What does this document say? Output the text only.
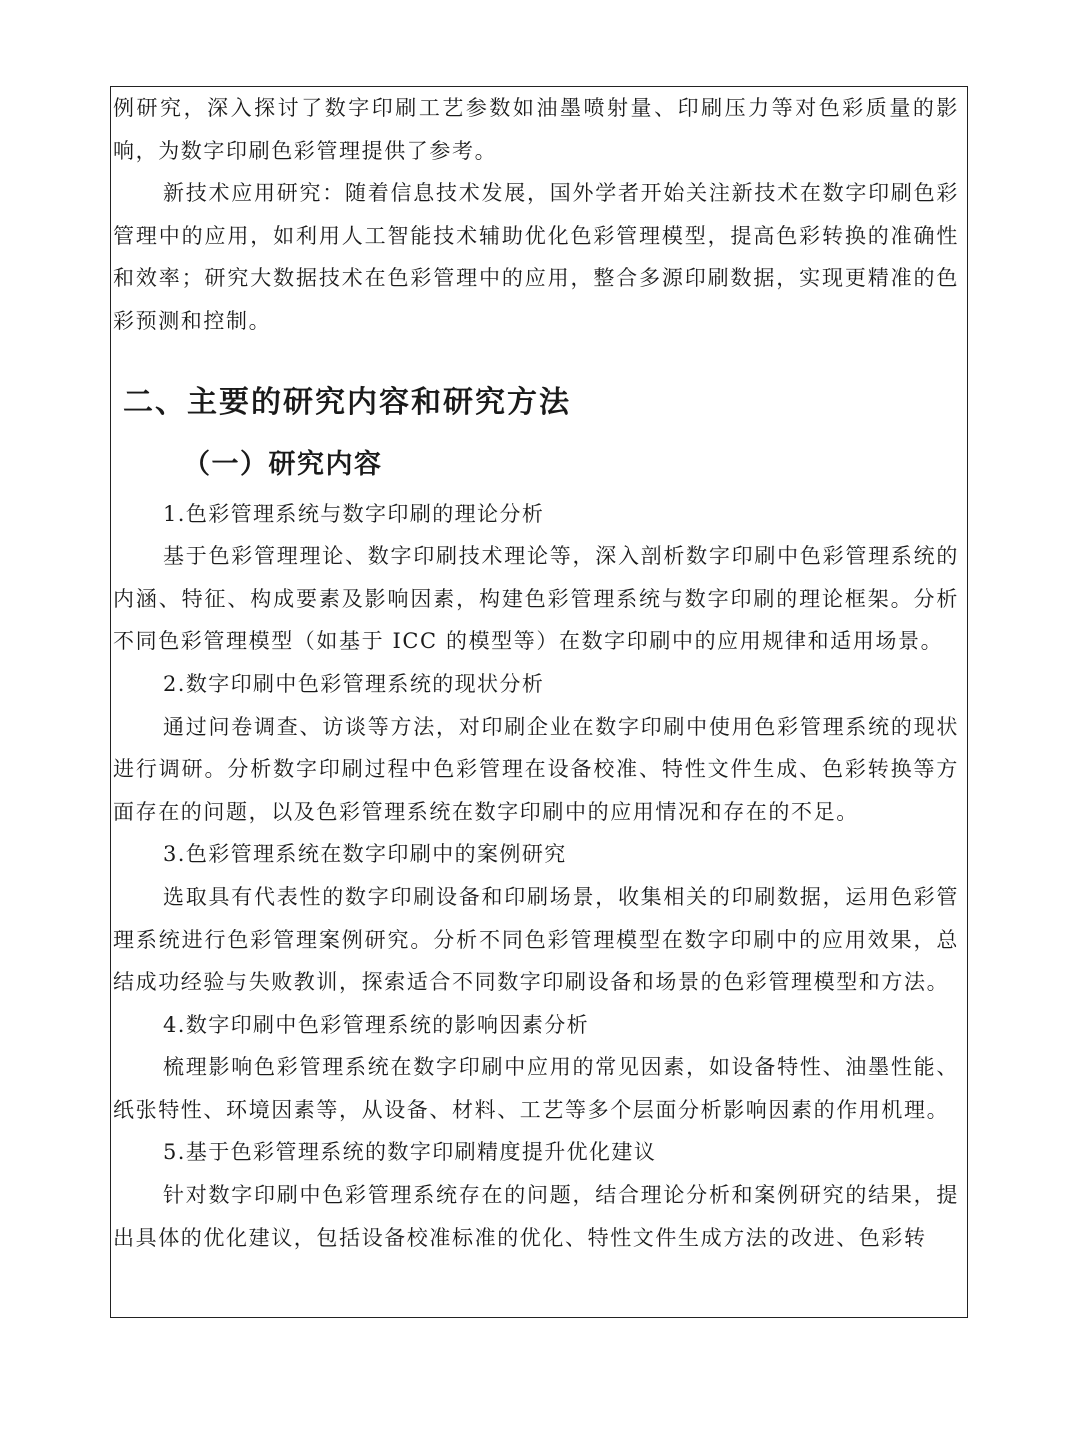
例研究，深入探讨了数字印刷工艺参数如油墨喷射量、印刷压力等对色彩质量的影响，为数字印刷色彩管理提供了参考。

新技术应用研究：随着信息技术发展，国外学者开始关注新技术在数字印刷色彩管理中的应用，如利用人工智能技术辅助优化色彩管理模型，提高色彩转换的准确性和效率；研究大数据技术在色彩管理中的应用，整合多源印刷数据，实现更精准的色彩预测和控制。

二、主要的研究内容和研究方法
（一）研究内容

1.色彩管理系统与数字印刷的理论分析

基于色彩管理理论、数字印刷技术理论等，深入剖析数字印刷中色彩管理系统的内涵、特征、构成要素及影响因素，构建色彩管理系统与数字印刷的理论框架。分析不同色彩管理模型（如基于 ICC 的模型等）在数字印刷中的应用规律和适用场景。

2.数字印刷中色彩管理系统的现状分析

通过问卷调查、访谈等方法，对印刷企业在数字印刷中使用色彩管理系统的现状进行调研。分析数字印刷过程中色彩管理在设备校准、特性文件生成、色彩转换等方面存在的问题，以及色彩管理系统在数字印刷中的应用情况和存在的不足。

3.色彩管理系统在数字印刷中的案例研究

选取具有代表性的数字印刷设备和印刷场景，收集相关的印刷数据，运用色彩管理系统进行色彩管理案例研究。分析不同色彩管理模型在数字印刷中的应用效果，总结成功经验与失败教训，探索适合不同数字印刷设备和场景的色彩管理模型和方法。

4.数字印刷中色彩管理系统的影响因素分析

梳理影响色彩管理系统在数字印刷中应用的常见因素，如设备特性、油墨性能、纸张特性、环境因素等，从设备、材料、工艺等多个层面分析影响因素的作用机理。

5.基于色彩管理系统的数字印刷精度提升优化建议

针对数字印刷中色彩管理系统存在的问题，结合理论分析和案例研究的结果，提出具体的优化建议，包括设备校准标准的优化、特性文件生成方法的改进、色彩转
